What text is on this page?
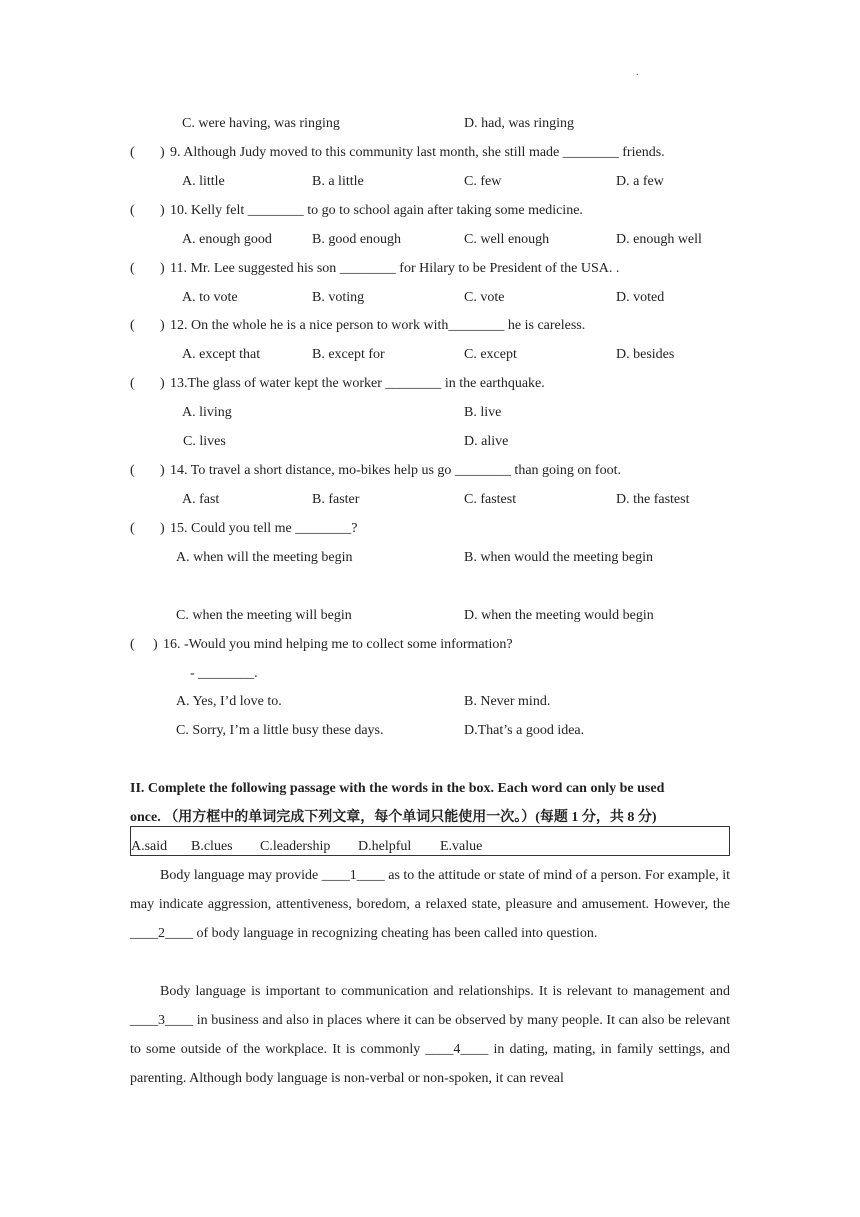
.
C. were having, was ringing	D. had, was ringing
( ) 9. Although Judy moved to this community last month, she still made ________ friends.
A. little	B. a little	C. few	D. a few
( ) 10. Kelly felt ________ to go to school again after taking some medicine.
A. enough good	B. good enough	C. well enough	D. enough well
( ) 11. Mr. Lee suggested his son ________ for Hilary to be President of the USA. .
A. to vote	B. voting	C. vote	D. voted
( ) 12. On the whole he is a nice person to work with________ he is careless.
A. except that	B. except for	C. except	D. besides
( ) 13.The glass of water kept the worker ________ in the earthquake.
A. living	B. live
C. lives	D. alive
( ) 14. To travel a short distance, mo-bikes help us go ________ than going on foot.
A. fast	B. faster	C. fastest	D. the fastest
( ) 15. Could you tell me ________?
A. when will the meeting begin	B. when would the meeting begin
C. when the meeting will begin	D. when the meeting would begin
( ) 16. -Would you mind helping me to collect some information?
- ________.
A. Yes, I’d love to.	B. Never mind.
C. Sorry, I’m a little busy these days.	D.That’s a good idea.
II. Complete the following passage with the words in the box. Each word can only be used
once. （用方框中的单词完成下列文章，每个单词只能使用一次。）(每题 1 分，共 8 分)
A.said B.clues C.leadership D.helpful E.value
Body language may provide ____1____ as to the attitude or state of mind of a person. For example, it may indicate aggression, attentiveness, boredom, a relaxed state, pleasure and amusement. However, the ____2____ of body language in recognizing cheating has been called into question.
Body language is important to communication and relationships. It is relevant to management and ____3____ in business and also in places where it can be observed by many people. It can also be relevant to some outside of the workplace. It is commonly ____4____ in dating, mating, in family settings, and parenting. Although body language is non-verbal or non-spoken, it can reveal
